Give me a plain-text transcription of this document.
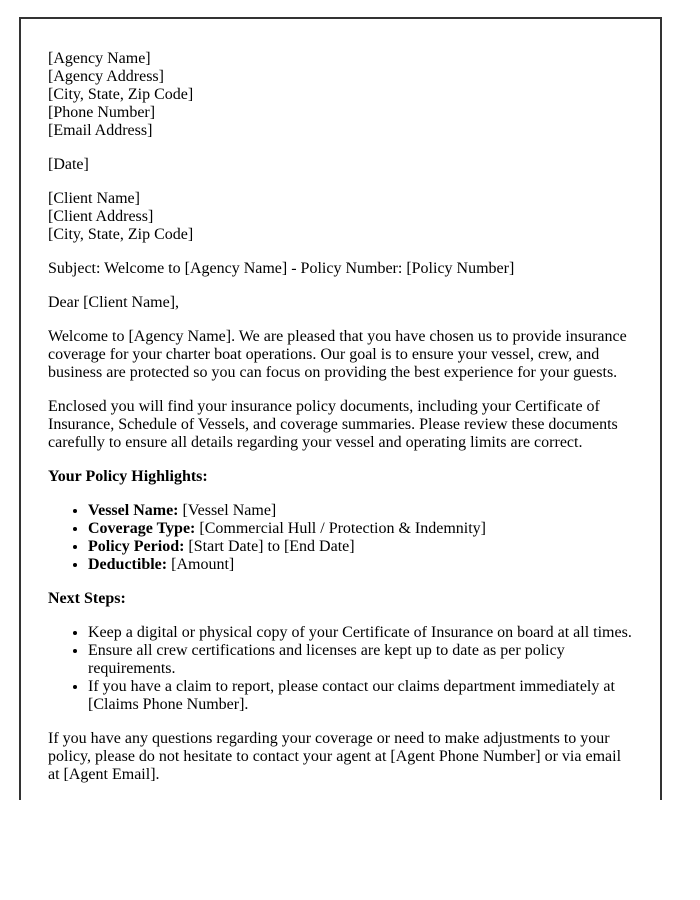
[Agency Name]
[Agency Address]
[City, State, Zip Code]
[Phone Number]
[Email Address]

[Date]

[Client Name]
[Client Address]
[City, State, Zip Code]

Subject: Welcome to [Agency Name] - Policy Number: [Policy Number]

Dear [Client Name],

Welcome to [Agency Name]. We are pleased that you have chosen us to provide insurance coverage for your charter boat operations. Our goal is to ensure your vessel, crew, and business are protected so you can focus on providing the best experience for your guests.

Enclosed you will find your insurance policy documents, including your Certificate of Insurance, Schedule of Vessels, and coverage summaries. Please review these documents carefully to ensure all details regarding your vessel and operating limits are correct.

Your Policy Highlights:

• Vessel Name: [Vessel Name]
• Coverage Type: [Commercial Hull / Protection & Indemnity]
• Policy Period: [Start Date] to [End Date]
• Deductible: [Amount]

Next Steps:

• Keep a digital or physical copy of your Certificate of Insurance on board at all times.
• Ensure all crew certifications and licenses are kept up to date as per policy requirements.
• If you have a claim to report, please contact our claims department immediately at [Claims Phone Number].

If you have any questions regarding your coverage or need to make adjustments to your policy, please do not hesitate to contact your agent at [Agent Phone Number] or via email at [Agent Email].
